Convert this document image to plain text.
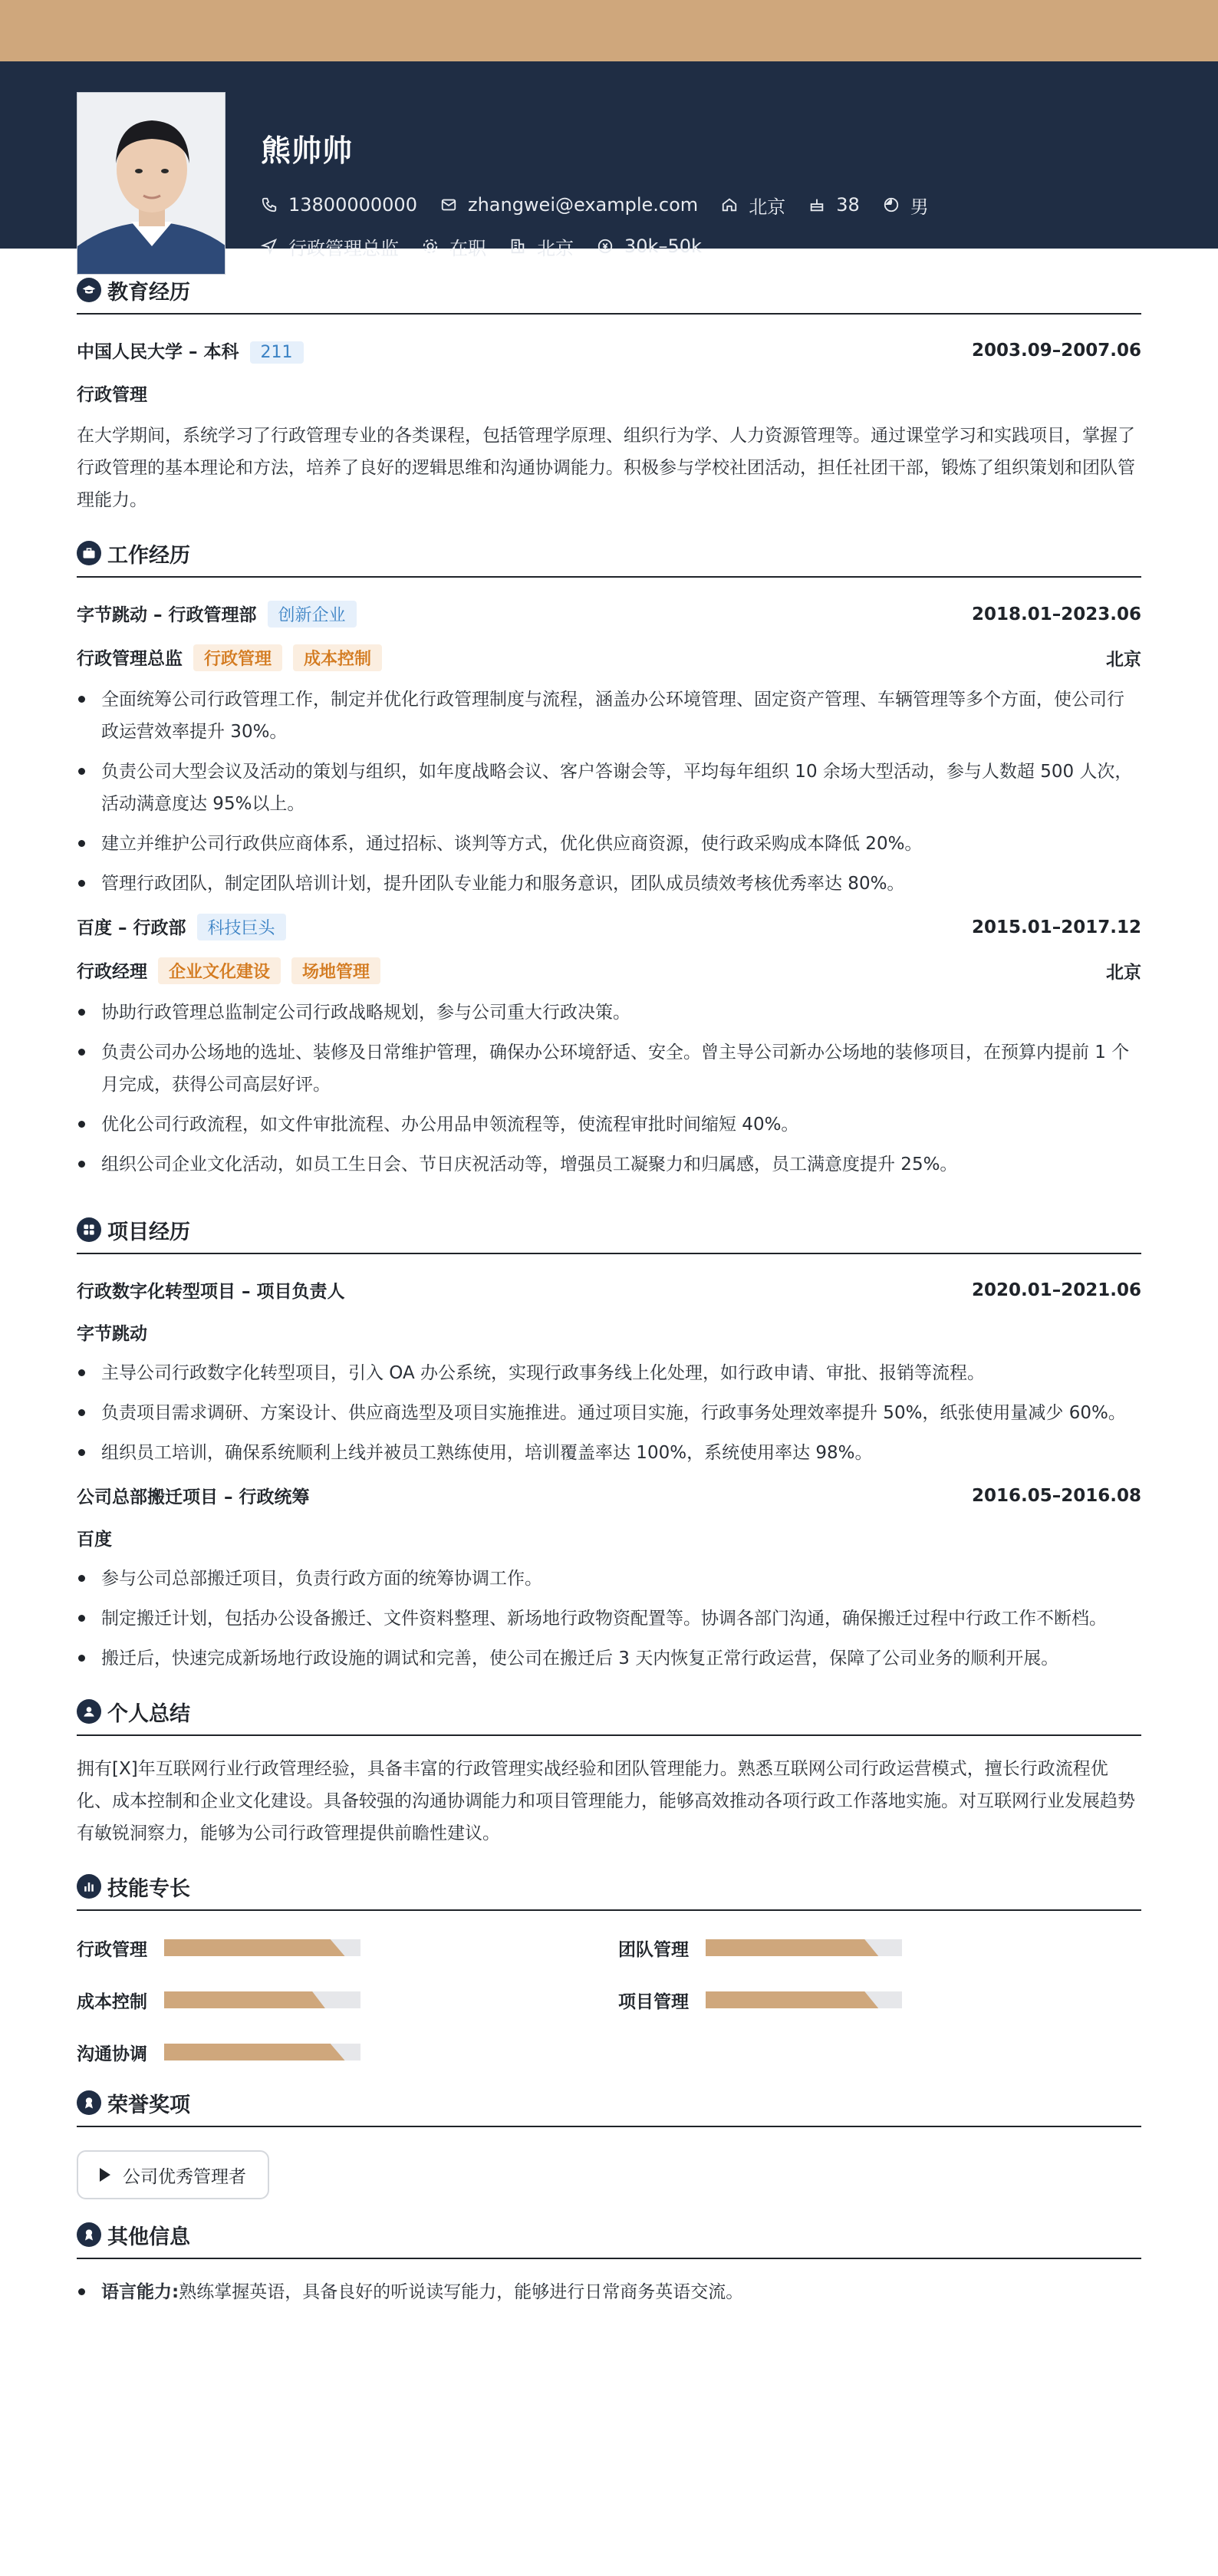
熊帅帅
13800000000	zhangwei@example.com	北京	38	男
行政管理总监	在职	北京	30k–50k
教育经历
中国人民大学 – 本科 211	2003.09–2007.06
行政管理
在大学期间，系统学习了行政管理专业的各类课程，包括管理学原理、组织行为学、人力资源管理等。通过课堂学习和实践项目，掌握了行政管理的基本理论和方法，培养了良好的逻辑思维和沟通协调能力。积极参与学校社团活动，担任社团干部，锻炼了组织策划和团队管理能力。
工作经历
字节跳动 – 行政管理部 创新企业	2018.01–2023.06
行政管理总监 行政管理 成本控制	北京
全面统筹公司行政管理工作，制定并优化行政管理制度与流程，涵盖办公环境管理、固定资产管理、车辆管理等多个方面，使公司行政运营效率提升 30%。
负责公司大型会议及活动的策划与组织，如年度战略会议、客户答谢会等，平均每年组织 10 余场大型活动，参与人数超 500 人次，活动满意度达 95%以上。
建立并维护公司行政供应商体系，通过招标、谈判等方式，优化供应商资源，使行政采购成本降低 20%。
管理行政团队，制定团队培训计划，提升团队专业能力和服务意识，团队成员绩效考核优秀率达 80%。
百度 – 行政部 科技巨头	2015.01–2017.12
行政经理 企业文化建设 场地管理	北京
协助行政管理总监制定公司行政战略规划，参与公司重大行政决策。
负责公司办公场地的选址、装修及日常维护管理，确保办公环境舒适、安全。曾主导公司新办公场地的装修项目，在预算内提前 1 个月完成，获得公司高层好评。
优化公司行政流程，如文件审批流程、办公用品申领流程等，使流程审批时间缩短 40%。
组织公司企业文化活动，如员工生日会、节日庆祝活动等，增强员工凝聚力和归属感，员工满意度提升 25%。
项目经历
行政数字化转型项目 – 项目负责人	2020.01–2021.06
字节跳动
主导公司行政数字化转型项目，引入 OA 办公系统，实现行政事务线上化处理，如行政申请、审批、报销等流程。
负责项目需求调研、方案设计、供应商选型及项目实施推进。通过项目实施，行政事务处理效率提升 50%，纸张使用量减少 60%。
组织员工培训，确保系统顺利上线并被员工熟练使用，培训覆盖率达 100%，系统使用率达 98%。
公司总部搬迁项目 – 行政统筹	2016.05–2016.08
百度
参与公司总部搬迁项目，负责行政方面的统筹协调工作。
制定搬迁计划，包括办公设备搬迁、文件资料整理、新场地行政物资配置等。协调各部门沟通，确保搬迁过程中行政工作不断档。
搬迁后，快速完成新场地行政设施的调试和完善，使公司在搬迁后 3 天内恢复正常行政运营，保障了公司业务的顺利开展。
个人总结
拥有[X]年互联网行业行政管理经验，具备丰富的行政管理实战经验和团队管理能力。熟悉互联网公司行政运营模式，擅长行政流程优化、成本控制和企业文化建设。具备较强的沟通协调能力和项目管理能力，能够高效推动各项行政工作落地实施。对互联网行业发展趋势有敏锐洞察力，能够为公司行政管理提供前瞻性建议。
技能专长
行政管理	团队管理
成本控制	项目管理
沟通协调
荣誉奖项
公司优秀管理者
其他信息
语言能力:熟练掌握英语，具备良好的听说读写能力，能够进行日常商务英语交流。
